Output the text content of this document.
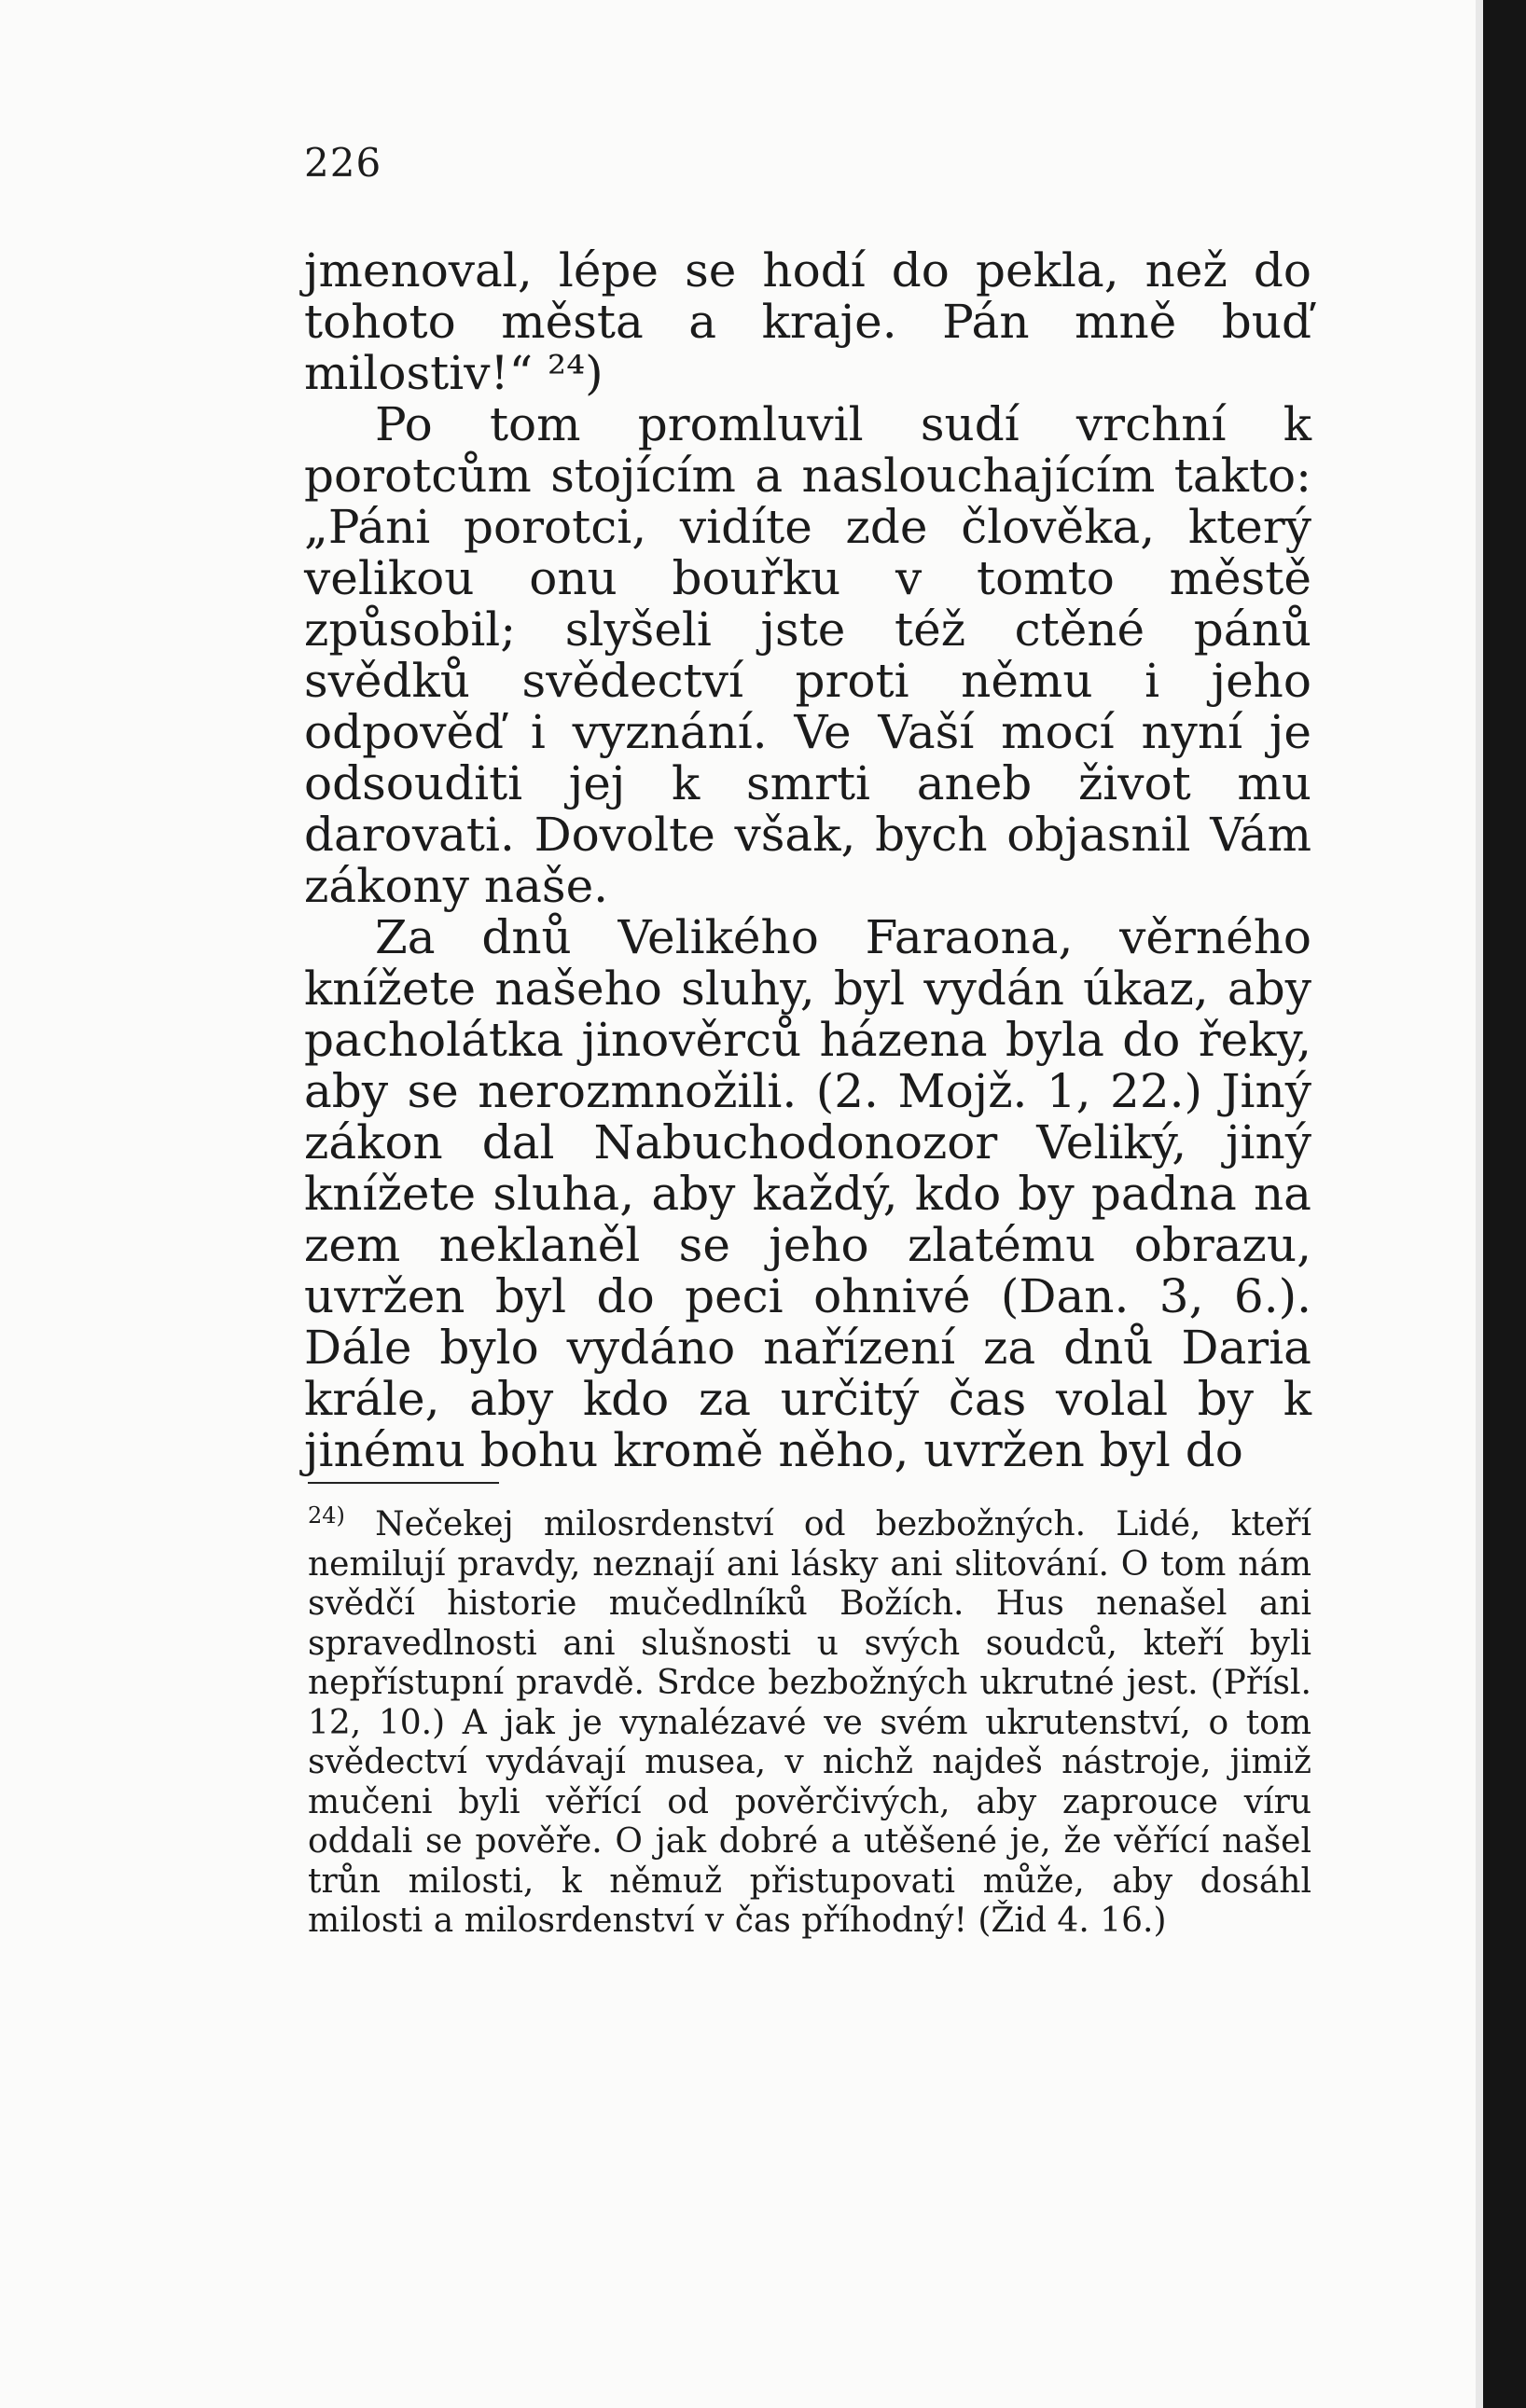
226

jmenoval, lépe se hodí do pekla, než do tohoto města a kraje. Pán mně buď milostiv!“ ²⁴)

Po tom promluvil sudí vrchní k porotcům stojícím a naslouchajícím takto: „Páni porotci, vidíte zde člověka, který velikou onu bouřku v tomto městě způsobil; slyšeli jste též ctěné pánů svědků svědectví proti němu i jeho odpověď i vyznání. Ve Vaší mocí nyní je odsouditi jej k smrti aneb život mu darovati. Dovolte však, bych objasnil Vám zákony naše.

Za dnů Velikého Faraona, věrného knížete našeho sluhy, byl vydán úkaz, aby pacholátka jinověrců házena byla do řeky, aby se nerozmnožili. (2. Mojž. 1, 22.) Jiný zákon dal Nabuchodonozor Veliký, jiný knížete sluha, aby každý, kdo by padna na zem neklaněl se jeho zlatému obrazu, uvržen byl do peci ohnivé (Dan. 3, 6.). Dále bylo vydáno nařízení za dnů Daria krále, aby kdo za určitý čas volal by k jinému bohu kromě něho, uvržen byl do

$^{24)}$ Nečekej milosrdenství od bezbožných. Lidé, kteří nemilují pravdy, neznají ani lásky ani slitování. O tom nám svědčí historie mučedlníků Božích. Hus nenašel ani spravedlnosti ani slušnosti u svých soudců, kteří byli nepřístupní pravdě. Srdce bezbožných ukrutné jest. (Přísl. 12, 10.) A jak je vynalézavé ve svém ukrutenství, o tom svědectví vydávají musea, v nichž najdeš nástroje, jimiž mučeni byli věřící od pověrčivých, aby zaprouce víru oddali se pověře. O jak dobré a utěšené je, že věřící našel trůn milosti, k němuž přistupovati může, aby dosáhl milosti a milosrdenství v čas příhodný! (Žid 4. 16.)
